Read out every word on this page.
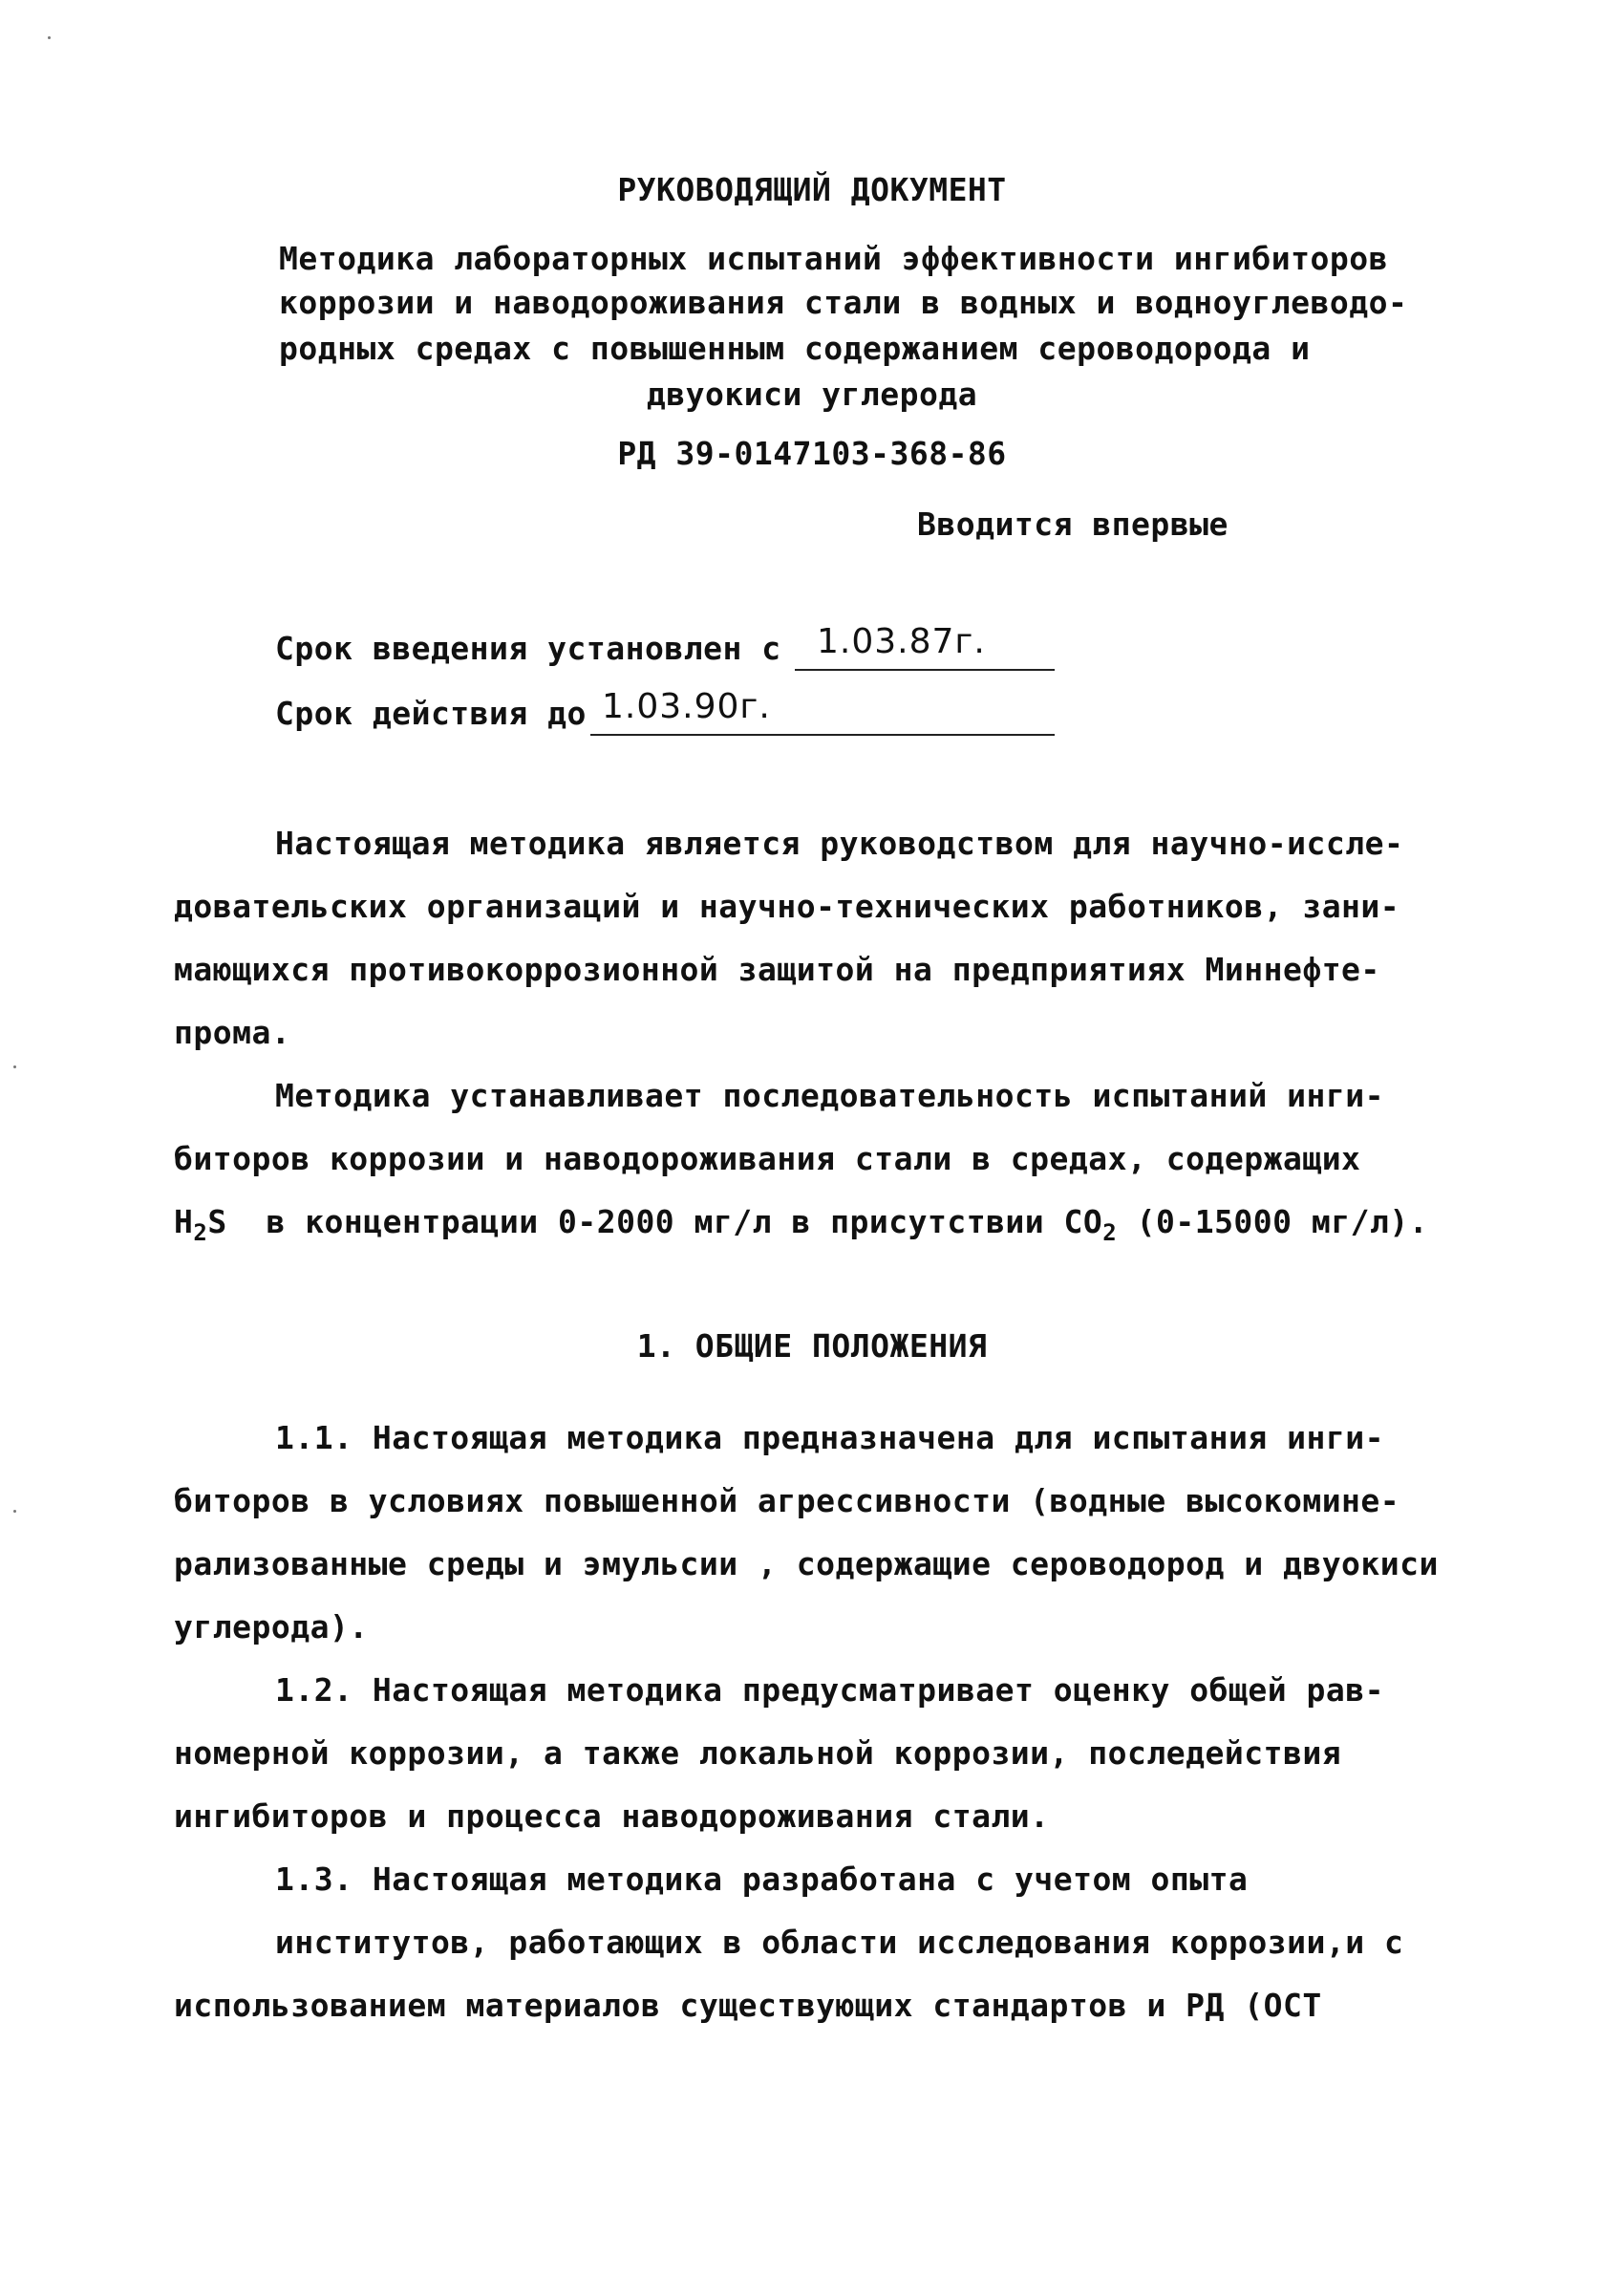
РУКОВОДЯЩИЙ ДОКУМЕНТ
Методика лабораторных испытаний эффективности ингибиторов
коррозии и наводороживания стали в водных и водноуглеводо-
родных средах с повышенным содержанием сероводорода и
двуокиси углерода
РД 39-0147103-368-86
Вводится впервые
Срок введения установлен с 1.03.87г.
Срок действия до 1.03.90г.
Настоящая методика является руководством для научно-иссле-
довательских организаций и научно-технических работников, зани-
мающихся противокоррозионной защитой на предприятиях Миннефте-
прома.
Методика устанавливает последовательность испытаний инги-
биторов коррозии и наводороживания стали в средах, содержащих
$H_2S$ в концентрации 0-2000 мг/л в присутствии $CO_2$ (0-15000 мг/л).
1. ОБЩИЕ ПОЛОЖЕНИЯ
1.1. Настоящая методика предназначена для испытания инги-
биторов в условиях повышенной агрессивности (водные высокомине-
рализованные среды и эмульсии , содержащие сероводород и двуокиси
углерода).
1.2. Настоящая методика предусматривает оценку общей рав-
номерной коррозии, а также локальной коррозии, последействия
ингибиторов и процесса наводороживания стали.
1.3. Настоящая методика разработана с учетом опыта
институтов, работающих в области исследования коррозии,и с
использованием материалов существующих стандартов и РД (ОСТ
